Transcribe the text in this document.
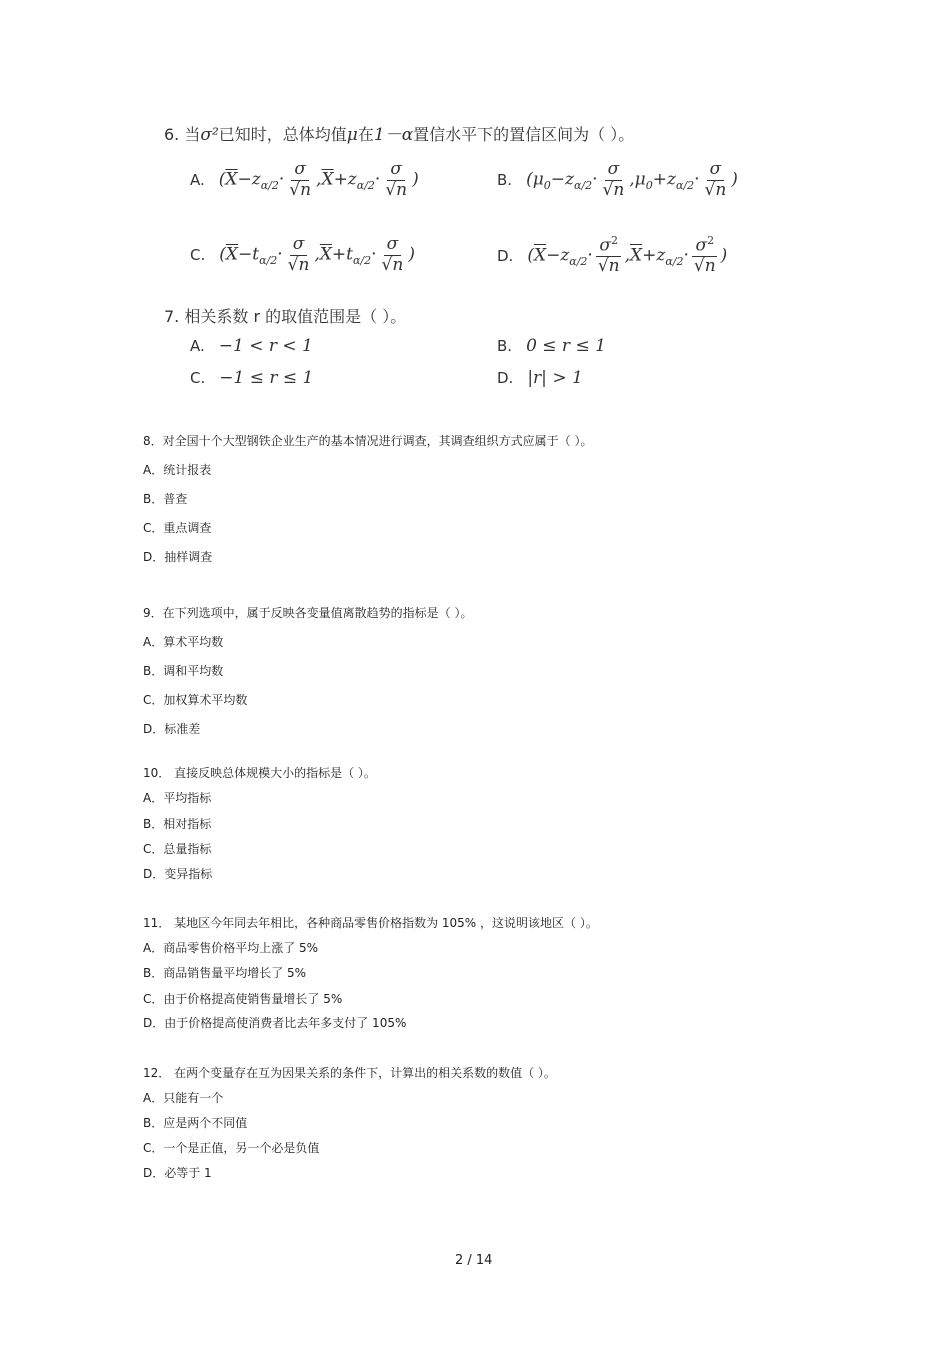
6. 当σ²已知时，总体均值μ在1－α置信水平下的置信区间为（ ）。
A. ($\overline{X}-z_{\alpha/2}\cdot \frac{\sigma}{√n} ,\overline{X}+z_{\alpha/2}\cdot \frac{\sigma}{√n}$ )	B. ($\mu_0-z_{\alpha/2}\cdot \frac{\sigma}{√n} ,\mu_0+z_{\alpha/2}\cdot \frac{\sigma}{√n}$ )
C. ($\overline{X}-t_{\alpha/2}\cdot \frac{\sigma}{√n} ,\overline{X}+t_{\alpha/2}\cdot \frac{\sigma}{√n}$ )	D. ($\overline{X}-z_{\alpha/2}\cdot \frac{\sigma^2}{√n} ,\overline{X}+z_{\alpha/2}\cdot \frac{\sigma^2}{√n}$ )
7. 相关系数 r 的取值范围是（ ）。
A. −1 < r < 1	B. 0 ≤ r ≤ 1
C. −1 ≤ r ≤ 1	D. |r| > 1
8．对全国十个大型钢铁企业生产的基本情况进行调查，其调查组织方式应属于（ ）。
A．统计报表
B．普查
C．重点调查
D．抽样调查
9．在下列选项中，属于反映各变量值离散趋势的指标是（ ）。
A．算术平均数
B．调和平均数
C．加权算术平均数
D．标准差
10． 直接反映总体规模大小的指标是（ ）。
A．平均指标
B．相对指标
C．总量指标
D．变异指标
11． 某地区今年同去年相比，各种商品零售价格指数为 105% ，这说明该地区（ ）。
A．商品零售价格平均上涨了 5%
B．商品销售量平均增长了 5%
C．由于价格提高使销售量增长了 5%
D．由于价格提高使消费者比去年多支付了 105%
12． 在两个变量存在互为因果关系的条件下，计算出的相关系数的数值（ ）。
A．只能有一个
B．应是两个不同值
C．一个是正值，另一个必是负值
D．必等于 1
2 / 14
